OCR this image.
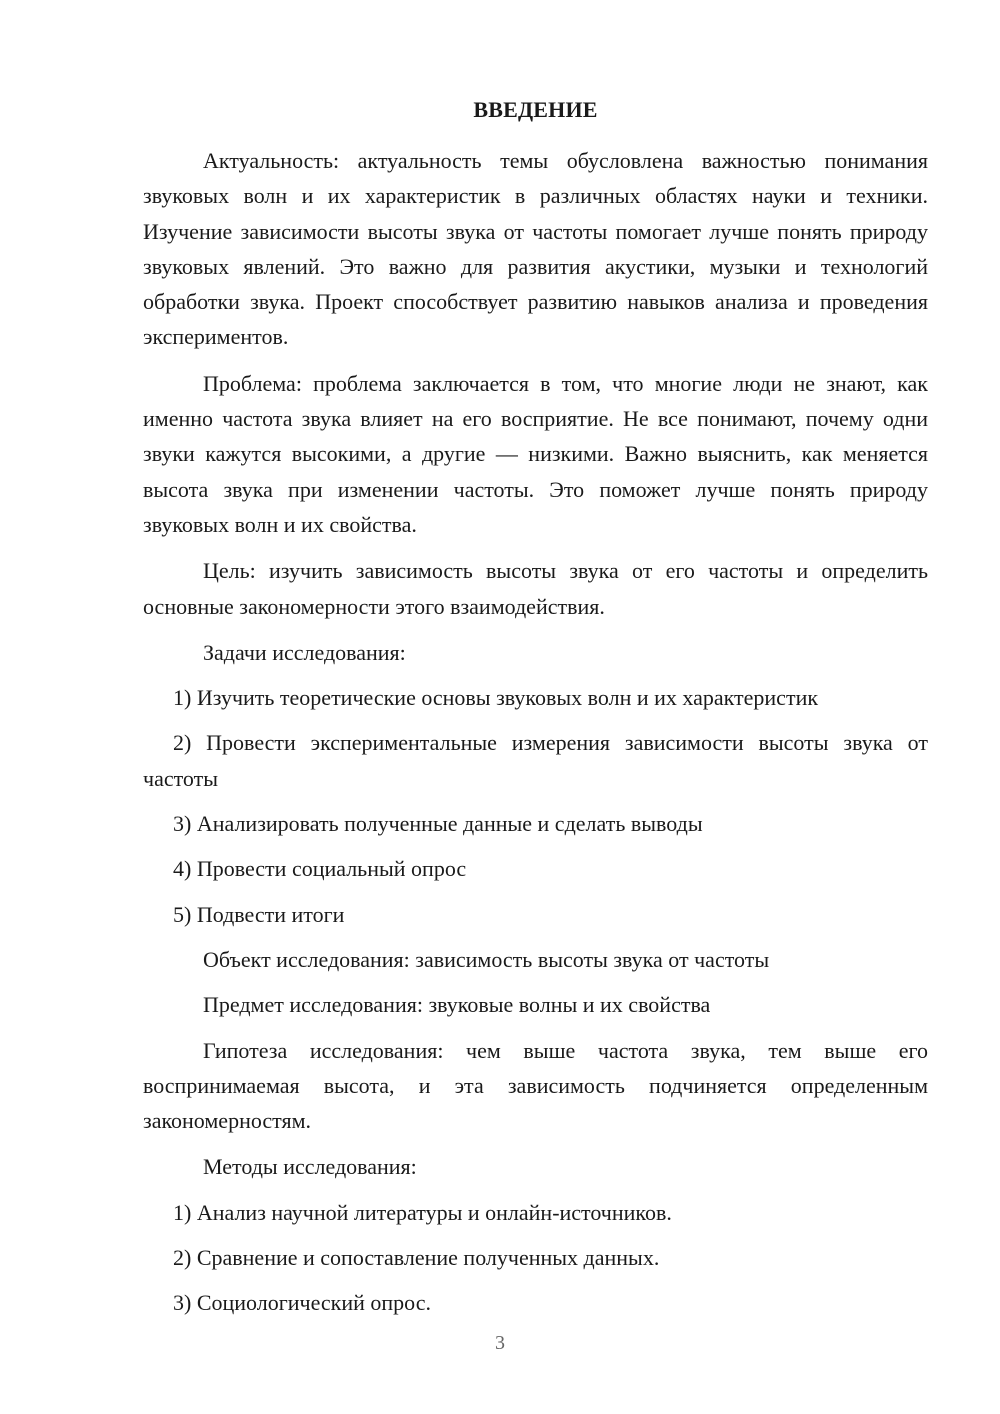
ВВЕДЕНИЕ

Актуальность: актуальность темы обусловлена важностью понимания звуковых волн и их характеристик в различных областях науки и техники. Изучение зависимости высоты звука от частоты помогает лучше понять природу звуковых явлений. Это важно для развития акустики, музыки и технологий обработки звука. Проект способствует развитию навыков анализа и проведения экспериментов.

Проблема: проблема заключается в том, что многие люди не знают, как именно частота звука влияет на его восприятие. Не все понимают, почему одни звуки кажутся высокими, а другие — низкими. Важно выяснить, как меняется высота звука при изменении частоты. Это поможет лучше понять природу звуковых волн и их свойства.

Цель: изучить зависимость высоты звука от его частоты и определить основные закономерности этого взаимодействия.

Задачи исследования:

1) Изучить теоретические основы звуковых волн и их характеристик

2) Провести экспериментальные измерения зависимости высоты звука от частоты

3) Анализировать полученные данные и сделать выводы

4) Провести социальный опрос

5) Подвести итоги

Объект исследования: зависимость высоты звука от частоты

Предмет исследования: звуковые волны и их свойства

Гипотеза исследования: чем выше частота звука, тем выше его воспринимаемая высота, и эта зависимость подчиняется определенным закономерностям.

Методы исследования:

1) Анализ научной литературы и онлайн-источников.

2) Сравнение и сопоставление полученных данных.

3) Социологический опрос.

3
